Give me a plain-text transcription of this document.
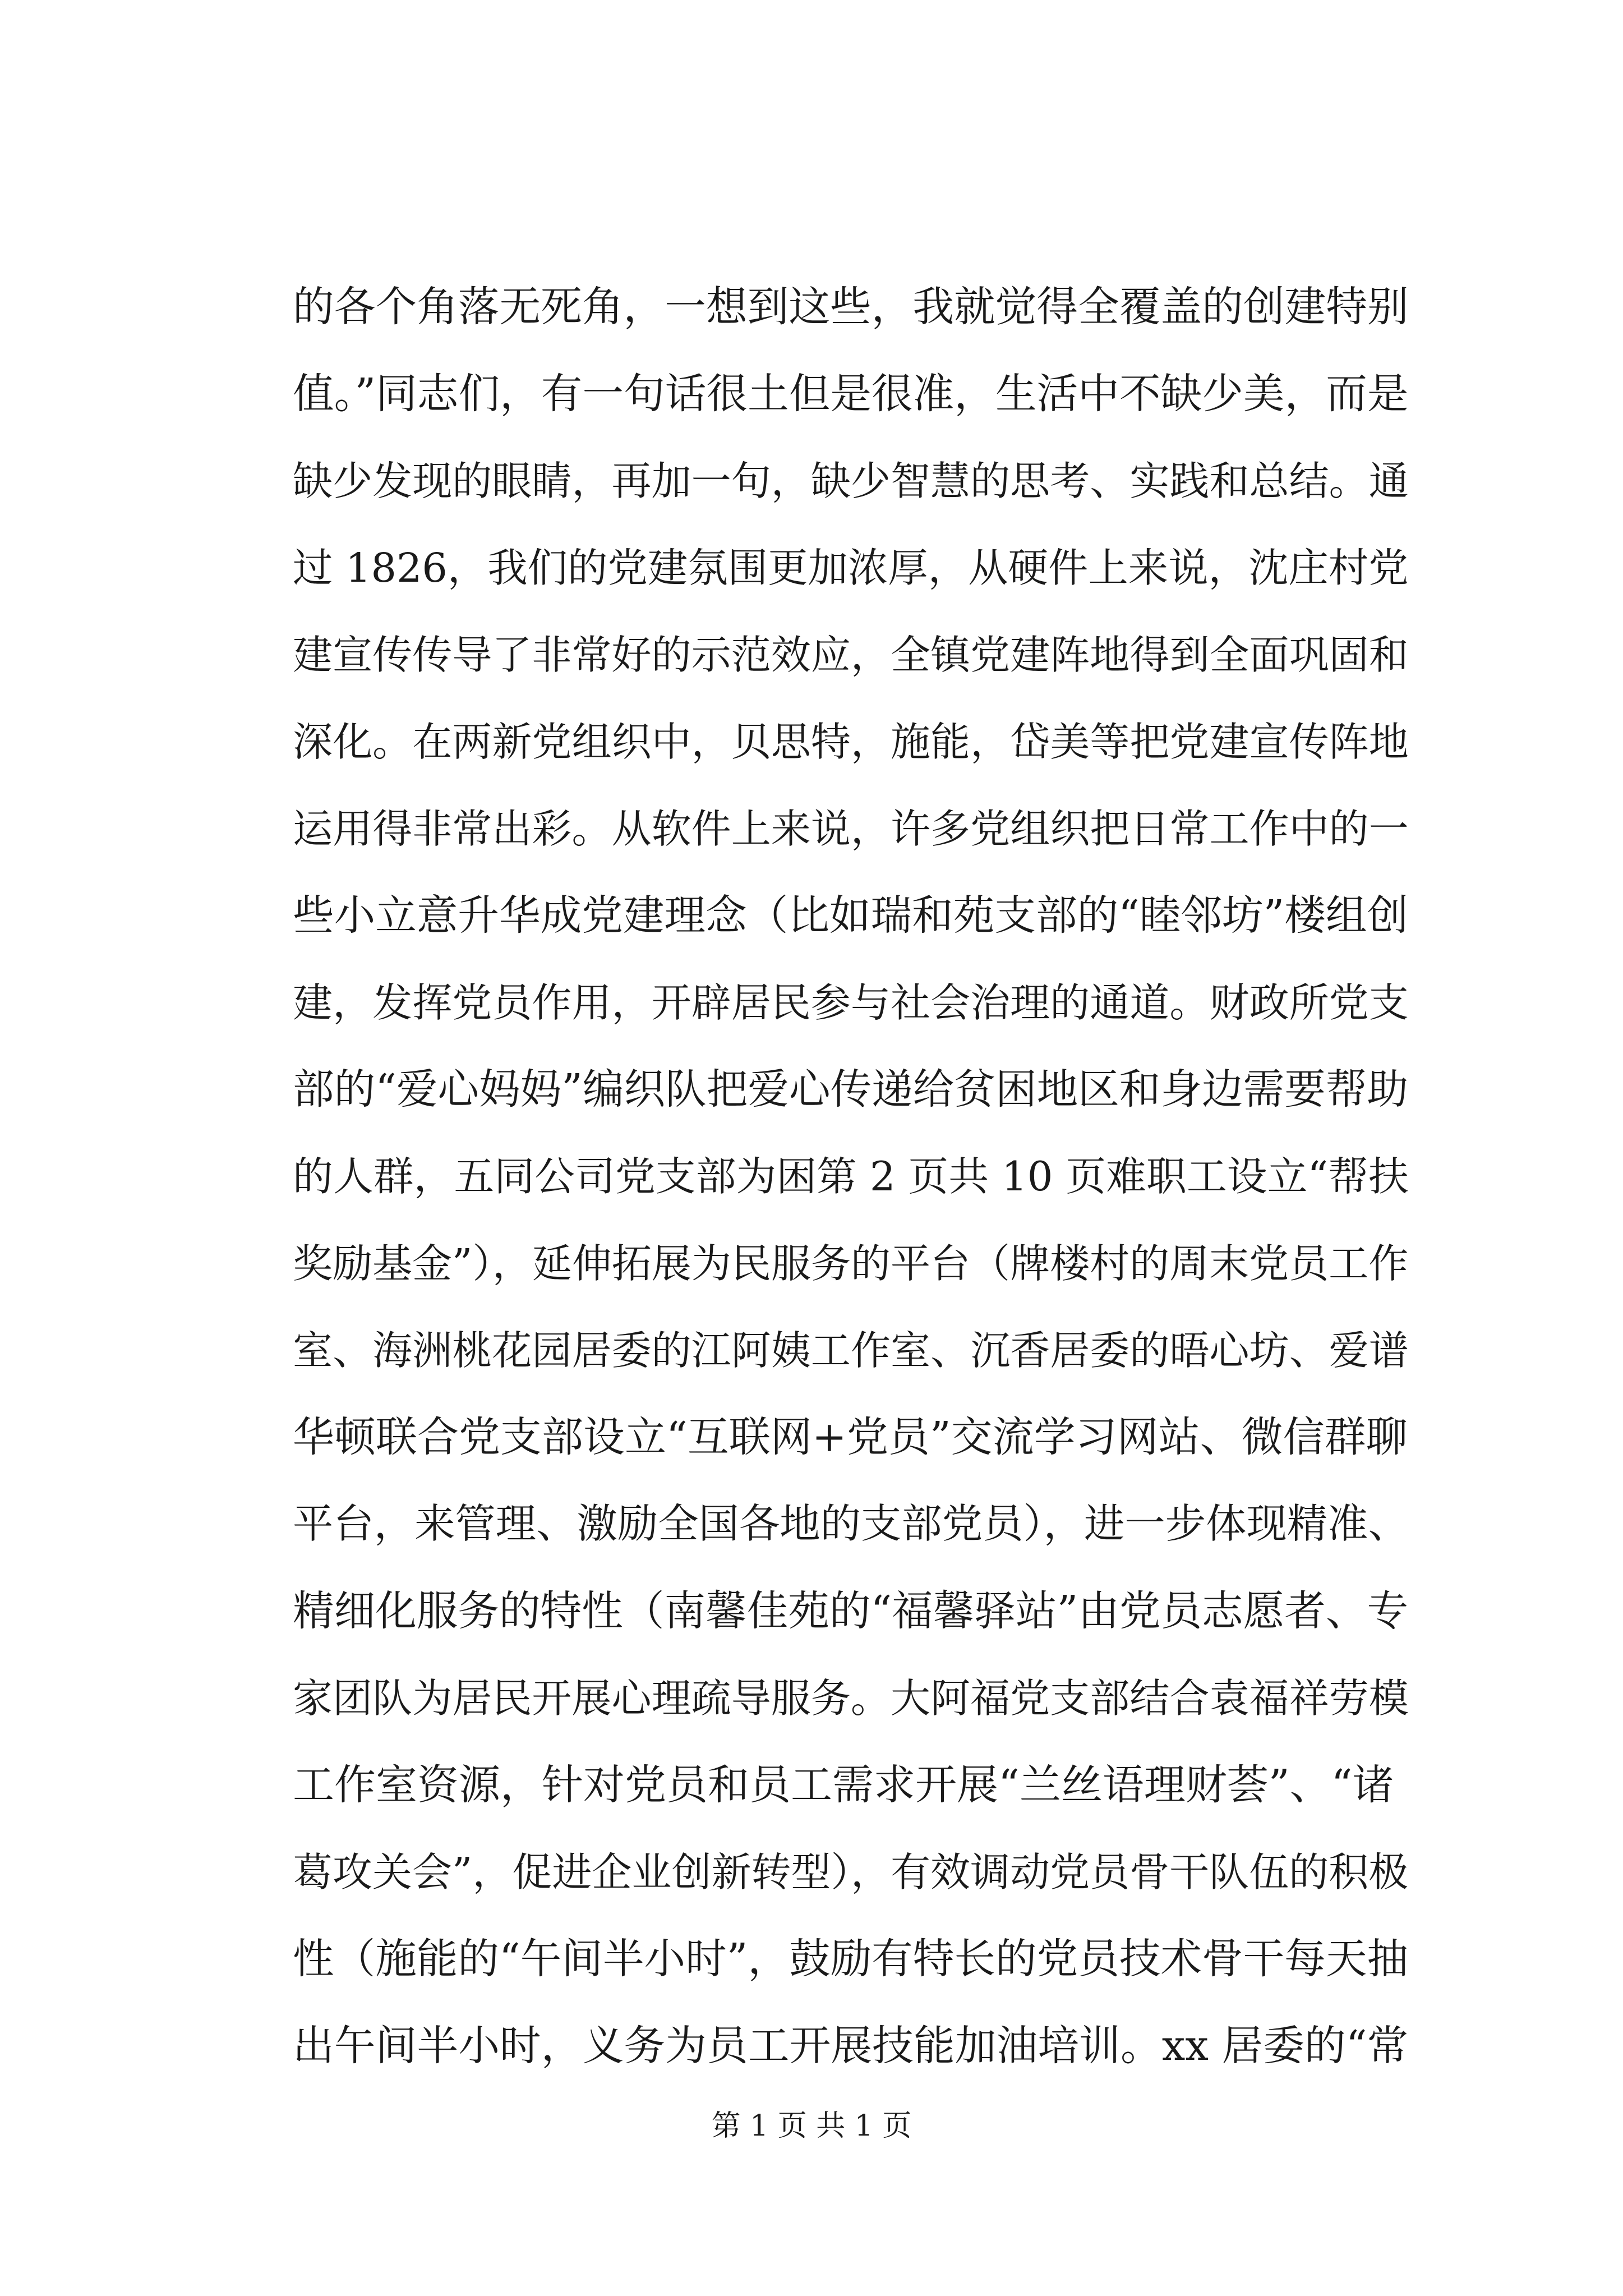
的各个角落无死角，一想到这些，我就觉得全覆盖的创建特别
值。”同志们，有一句话很土但是很准，生活中不缺少美，而是
缺少发现的眼睛，再加一句，缺少智慧的思考、实践和总结。通
过 1826，我们的党建氛围更加浓厚，从硬件上来说，沈庄村党
建宣传传导了非常好的示范效应，全镇党建阵地得到全面巩固和
深化。在两新党组织中，贝思特，施能，岱美等把党建宣传阵地
运用得非常出彩。从软件上来说，许多党组织把日常工作中的一
些小立意升华成党建理念（比如瑞和苑支部的“睦邻坊”楼组创
建，发挥党员作用，开辟居民参与社会治理的通道。财政所党支
部的“爱心妈妈”编织队把爱心传递给贫困地区和身边需要帮助
的人群，五同公司党支部为困第 2 页共 10 页难职工设立“帮扶
奖励基金”），延伸拓展为民服务的平台（牌楼村的周末党员工作
室、海洲桃花园居委的江阿姨工作室、沉香居委的晤心坊、爱谱
华顿联合党支部设立“互联网+党员”交流学习网站、微信群聊
平台，来管理、激励全国各地的支部党员），进一步体现精准、
精细化服务的特性（南馨佳苑的“福馨驿站”由党员志愿者、专
家团队为居民开展心理疏导服务。大阿福党支部结合袁福祥劳模
工作室资源，针对党员和员工需求开展“兰丝语理财荟”、“诸
葛攻关会”，促进企业创新转型），有效调动党员骨干队伍的积极
性（施能的“午间半小时”，鼓励有特长的党员技术骨干每天抽
出午间半小时，义务为员工开展技能加油培训。xx 居委的“常
第 1 页 共 1 页
